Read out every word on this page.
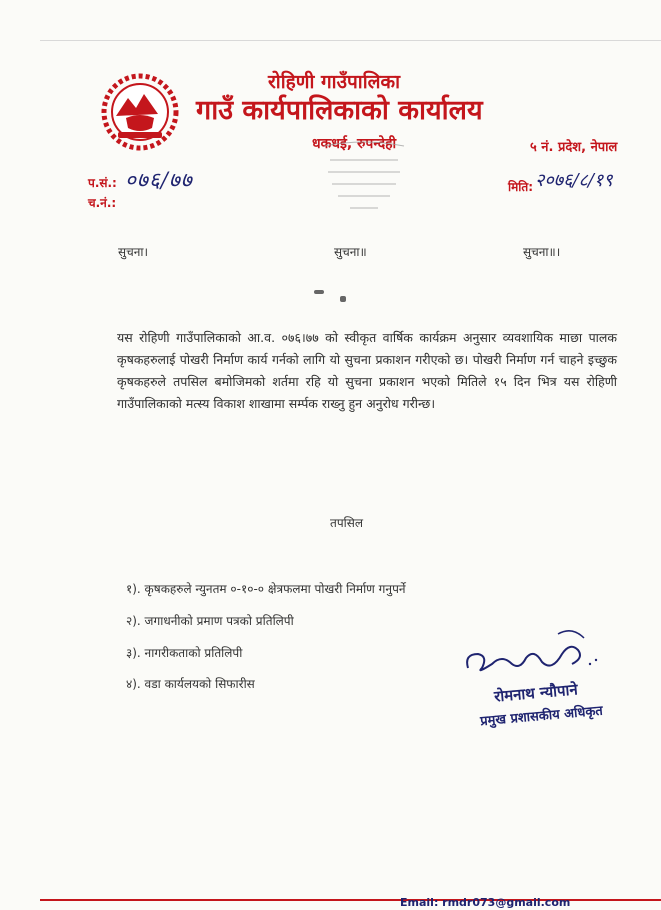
रोहिणी गाउँपालिका
गाउँ कार्यपालिकाको कार्यालय
धकधई, रुपन्देही	५ नं. प्रदेश, नेपाल
प.सं.: ०७६/७७
च.नं.:
मिति: २०७६/८/१९
सुचना।	सुचना॥	सुचना॥।
यस रोहिणी गाउँपालिकाको आ.व. ०७६।७७ को स्वीकृत वार्षिक कार्यक्रम अनुसार व्यवशायिक माछा पालक कृषकहरुलाई पोखरी निर्माण कार्य गर्नको लागि यो सुचना प्रकाशन गरीएको छ। पोखरी निर्माण गर्न चाहने इच्छुक कृषकहरुले तपसिल बमोजिमको शर्तमा रहि यो सुचना प्रकाशन भएको मितिले १५ दिन भित्र यस रोहिणी गाउँपालिकाको मत्स्य विकाश शाखामा सर्म्पक राख्नु हुन अनुरोध गरीन्छ।
तपसिल
१). कृषकहरुले न्युनतम ०-१०-० क्षेत्रफलमा पोखरी निर्माण गनुपर्ने
२). जगाधनीको प्रमाण पत्रको प्रतिलिपी
३). नागरीकताको प्रतिलिपी
४). वडा कार्यलयको सिफारीस	रोमनाथ न्यौपाने
प्रमुख प्रशासकीय अधिकृत
Email: rmdr073@gmail.com
